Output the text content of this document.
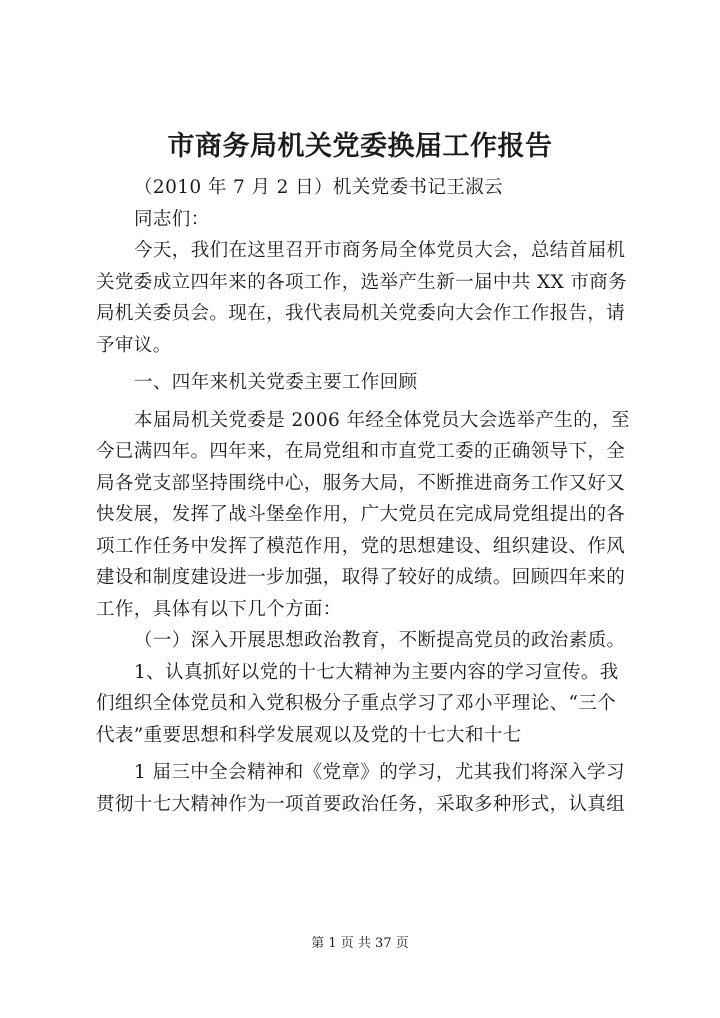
市商务局机关党委换届工作报告
（2010 年 7 月 2 日）机关党委书记王淑云
同志们：
今天，我们在这里召开市商务局全体党员大会，总结首届机
关党委成立四年来的各项工作，选举产生新一届中共 XX 市商务
局机关委员会。现在，我代表局机关党委向大会作工作报告，请
予审议。
一、四年来机关党委主要工作回顾
本届局机关党委是 2006 年经全体党员大会选举产生的，至
今已满四年。四年来，在局党组和市直党工委的正确领导下，全
局各党支部坚持围绕中心，服务大局，不断推进商务工作又好又
快发展，发挥了战斗堡垒作用，广大党员在完成局党组提出的各
项工作任务中发挥了模范作用，党的思想建设、组织建设、作风
建设和制度建设进一步加强，取得了较好的成绩。回顾四年来的
工作，具体有以下几个方面：
（一）深入开展思想政治教育，不断提高党员的政治素质。
1、认真抓好以党的十七大精神为主要内容的学习宣传。我
们组织全体党员和入党积极分子重点学习了邓小平理论、“三个
代表”重要思想和科学发展观以及党的十七大和十七
1 届三中全会精神和《党章》的学习，尤其我们将深入学习
贯彻十七大精神作为一项首要政治任务，采取多种形式，认真组
第 1 页 共 37 页
